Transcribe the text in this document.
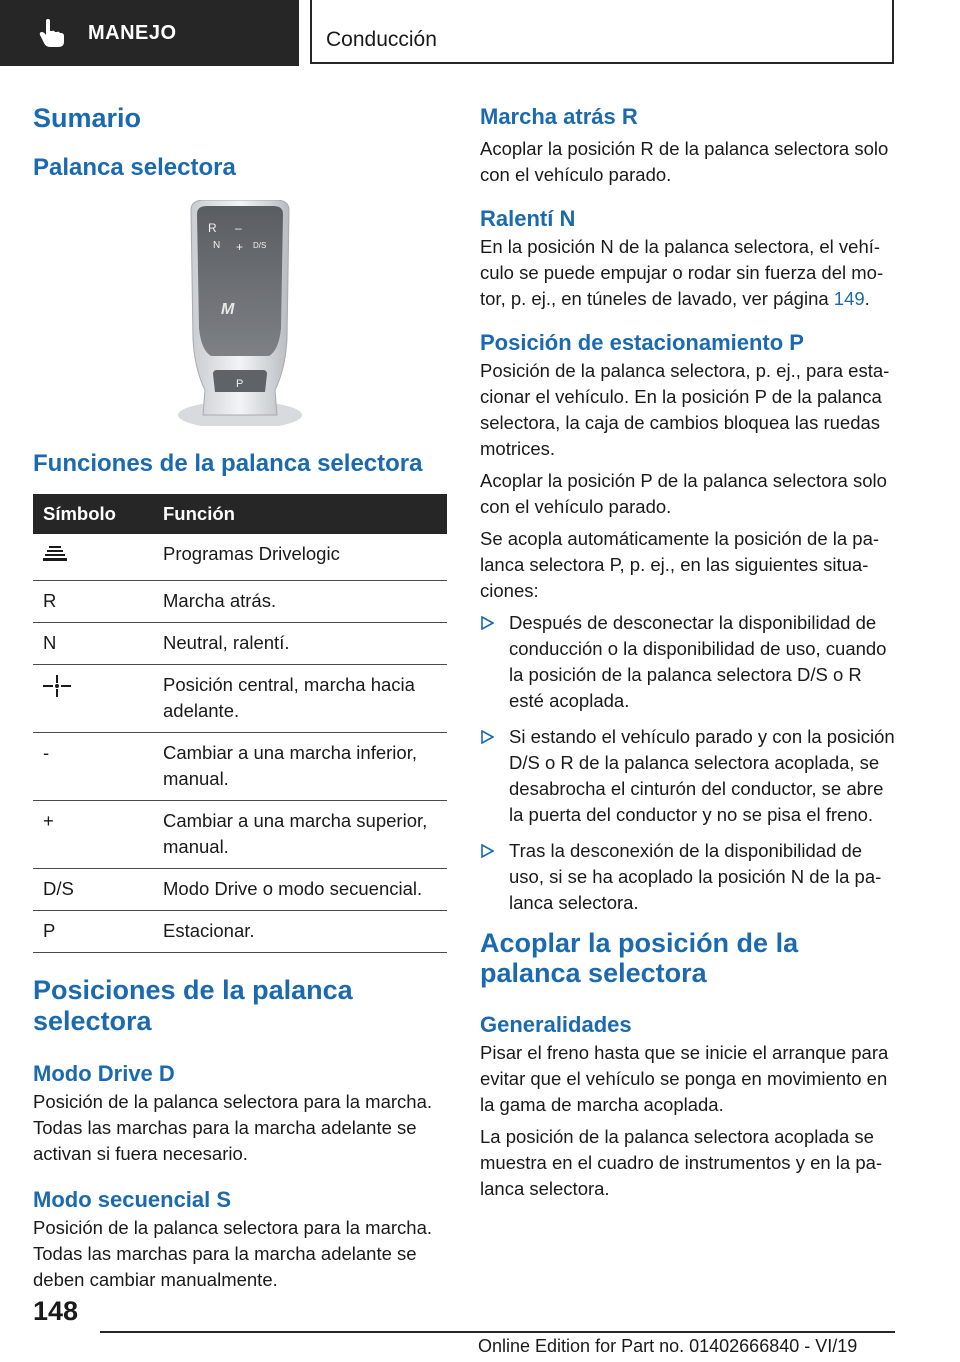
MANEJO	Conducción
Sumario
Palanca selectora
R –
N + D/S
M
P
Funciones de la palanca selectora
Símbolo	Función
	Programas Drivelogic
R	Marcha atrás.
N	Neutral, ralentí.
	Posición central, marcha hacia adelante.
-	Cambiar a una marcha inferior, manual.
+	Cambiar a una marcha superior, manual.
D/S	Modo Drive o modo secuencial.
P	Estacionar.
Posiciones de la palanca selectora
Modo Drive D

Posición de la palanca selectora para la marcha. Todas las marchas para la marcha adelante se activan si fuera necesario.

Modo secuencial S

Posición de la palanca selectora para la marcha. Todas las marchas para la marcha adelante se deben cambiar manualmente.

Marcha atrás R

Acoplar la posición R de la palanca selectora solo con el vehículo parado.

Ralentí N

En la posición N de la palanca selectora, el vehículo se puede empujar o rodar sin fuerza del motor, p. ej., en túneles de lavado, ver página 149.

Posición de estacionamiento P

Posición de la palanca selectora, p. ej., para estacionar el vehículo. En la posición P de la palanca selectora, la caja de cambios bloquea las ruedas motrices.

Acoplar la posición P de la palanca selectora solo con el vehículo parado.

Se acopla automáticamente la posición de la palanca selectora P, p. ej., en las siguientes situaciones:

Después de desconectar la disponibilidad de conducción o la disponibilidad de uso, cuando la posición de la palanca selectora D/S o R esté acoplada.
Si estando el vehículo parado y con la posición D/S o R de la palanca selectora acoplada, se desabrocha el cinturón del conductor, se abre la puerta del conductor y no se pisa el freno.
Tras la desconexión de la disponibilidad de uso, si se ha acoplado la posición N de la palanca selectora.
Acoplar la posición de la palanca selectora
Generalidades

Pisar el freno hasta que se inicie el arranque para evitar que el vehículo se ponga en movimiento en la gama de marcha acoplada.

La posición de la palanca selectora acoplada se muestra en el cuadro de instrumentos y en la palanca selectora.

148
Online Edition for Part no. 01402666840 - VI/19
